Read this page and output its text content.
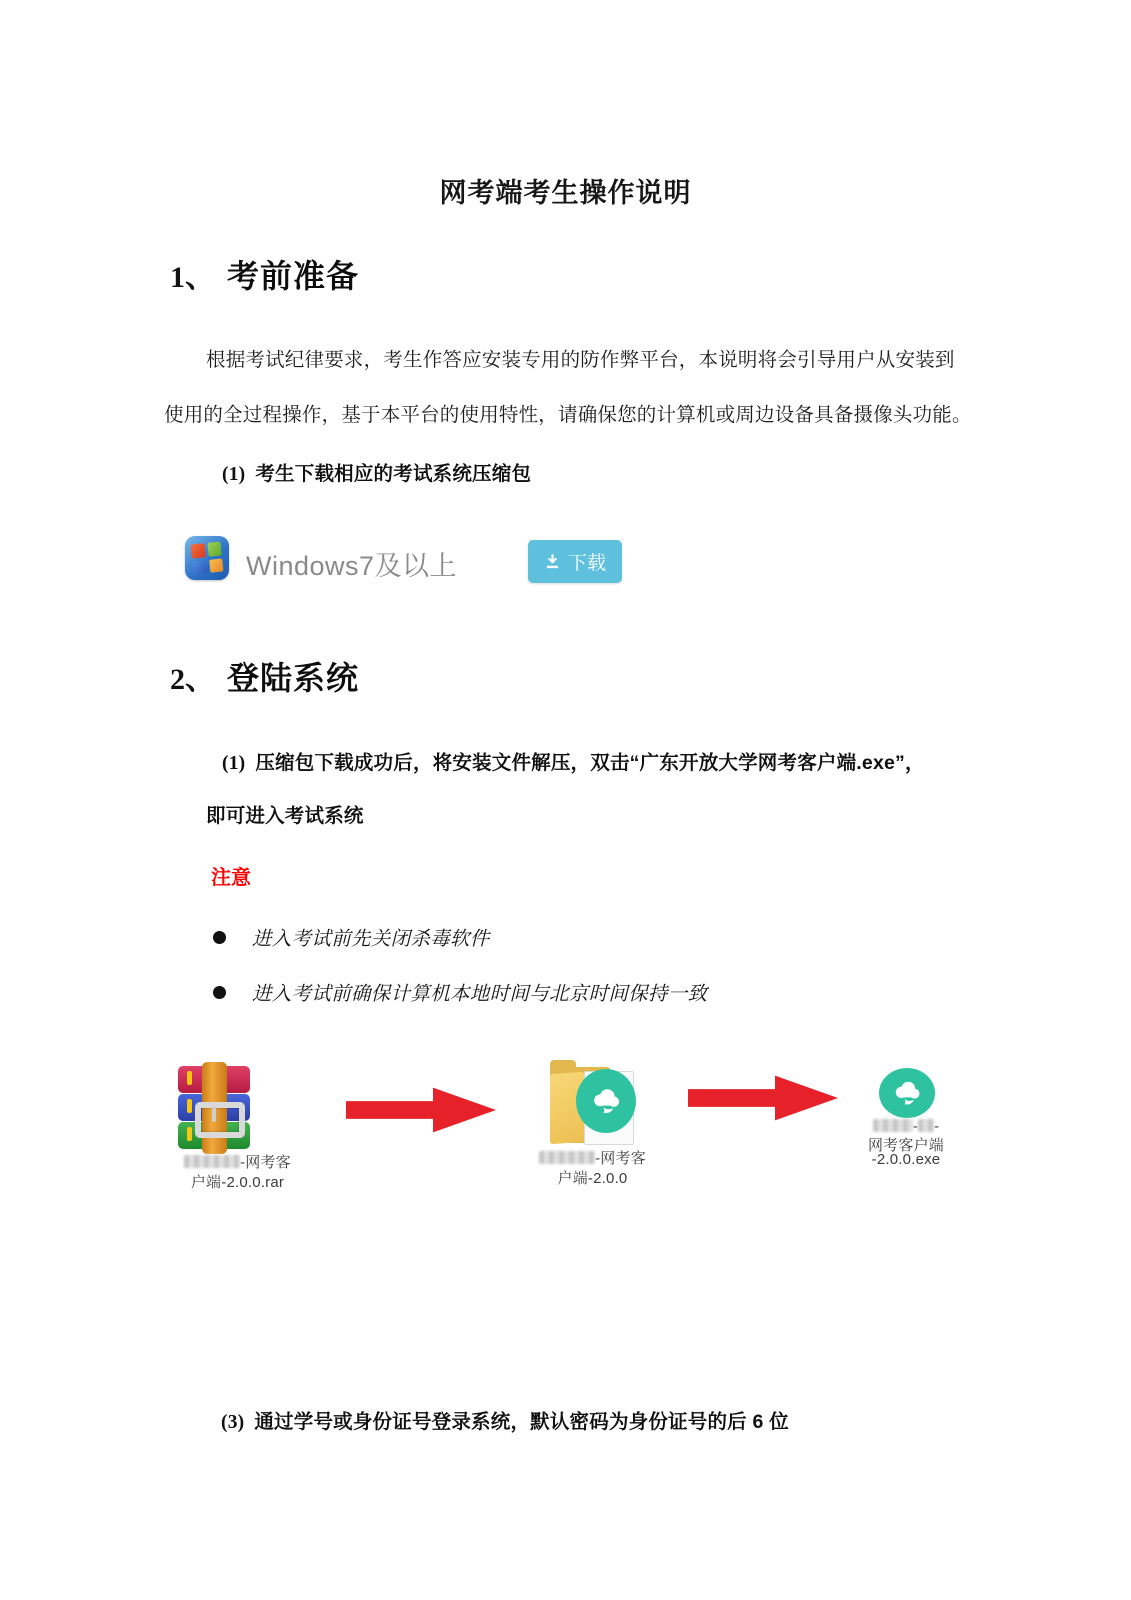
网考端考生操作说明
1、 考前准备
根据考试纪律要求，考生作答应安装专用的防作弊平台，本说明将会引导用户从安装到
使用的全过程操作，基于本平台的使用特性，请确保您的计算机或周边设备具备摄像头功能。
(1) 考生下载相应的考试系统压缩包
Windows7及以上	下载
2、 登陆系统
(1) 压缩包下载成功后，将安装文件解压，双击“广东开放大学网考客户端.exe”，
即可进入考试系统
注意
进入考试前先关闭杀毒软件
进入考试前确保计算机本地时间与北京时间保持一致
-网考客
户端-2.0.0.rar
-网考客
户端-2.0.0
- -
网考客户端
-2.0.0.exe
(3) 通过学号或身份证号登录系统，默认密码为身份证号的后 6 位
